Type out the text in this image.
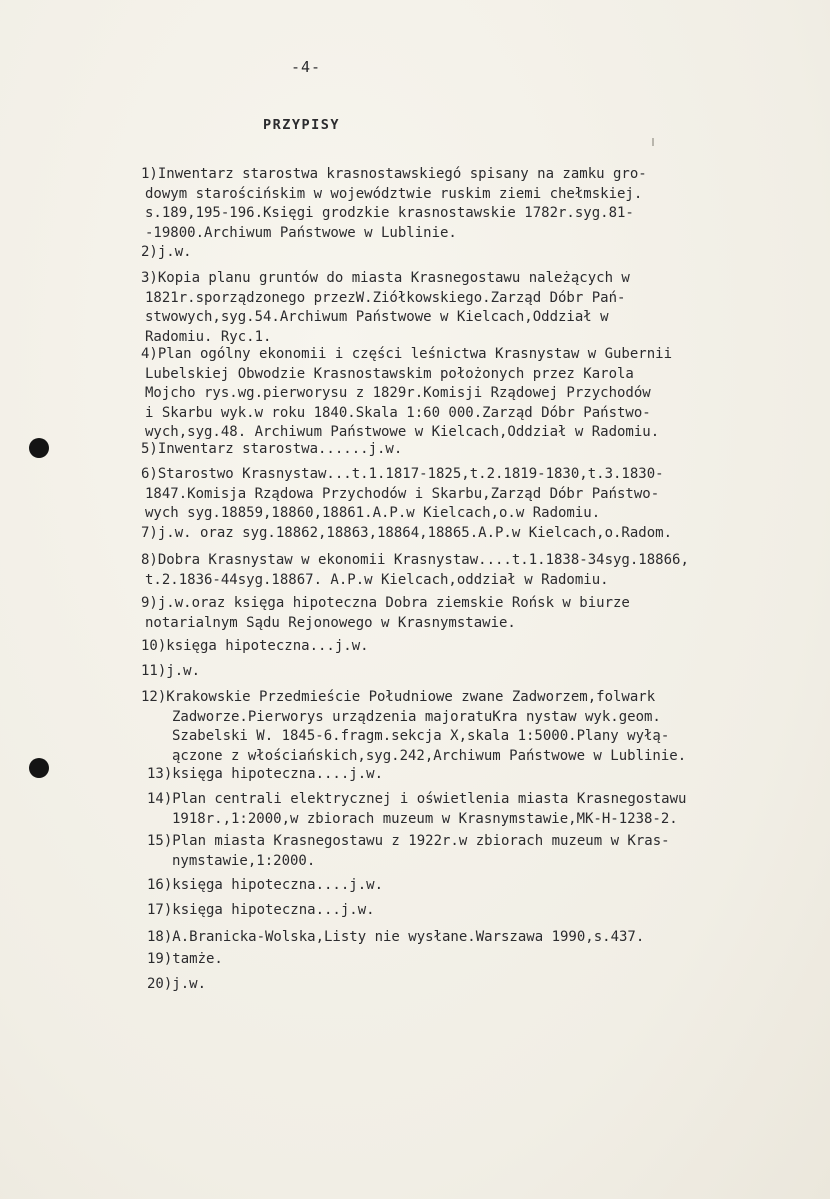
-4-
PRZYPISY
1)Inwentarz starostwa krasnostawskiegó spisany na zamku gro-
dowym starościńskim w województwie ruskim ziemi chełmskiej.
s.189,195-196.Księgi grodzkie krasnostawskie 1782r.syg.81-
-19800.Archiwum Państwowe w Lublinie.
2)j.w.
3)Kopia planu gruntów do miasta Krasnegostawu należących w
1821r.sporządzonego przezW.Ziółkowskiego.Zarząd Dóbr Pań-
stwowych,syg.54.Archiwum Państwowe w Kielcach,Oddział w
Radomiu. Ryc.1.
4)Plan ogólny ekonomii i części leśnictwa Krasnystaw w Gubernii
Lubelskiej Obwodzie Krasnostawskim położonych przez Karola
Mojcho rys.wg.pierworysu z 1829r.Komisji Rządowej Przychodów
i Skarbu wyk.w roku 1840.Skala 1:60 000.Zarząd Dóbr Państwo-
wych,syg.48. Archiwum Państwowe w Kielcach,Oddział w Radomiu.
5)Inwentarz starostwa......j.w.
6)Starostwo Krasnystaw...t.1.1817-1825,t.2.1819-1830,t.3.1830-
1847.Komisja Rządowa Przychodów i Skarbu,Zarząd Dóbr Państwo-
wych syg.18859,18860,18861.A.P.w Kielcach,o.w Radomiu.
7)j.w. oraz syg.18862,18863,18864,18865.A.P.w Kielcach,o.Radom.
8)Dobra Krasnystaw w ekonomii Krasnystaw....t.1.1838-34syg.18866,
t.2.1836-44syg.18867. A.P.w Kielcach,oddział w Radomiu.
9)j.w.oraz księga hipoteczna Dobra ziemskie Rońsk w biurze
notarialnym Sądu Rejonowego w Krasnymstawie.
10)księga hipoteczna...j.w.
11)j.w.
12)Krakowskie Przedmieście Południowe zwane Zadworzem,folwark
Zadworze.Pierworys urządzenia majoratuKra nystaw wyk.geom.
Szabelski W. 1845-6.fragm.sekcja X,skala 1:5000.Plany wyłą-
ączone z włościańskich,syg.242,Archiwum Państwowe w Lublinie.
13)księga hipoteczna....j.w.
14)Plan centrali elektrycznej i oświetlenia miasta Krasnegostawu
1918r.,1:2000,w zbiorach muzeum w Krasnymstawie,MK-H-1238-2.
15)Plan miasta Krasnegostawu z 1922r.w zbiorach muzeum w Kras-
nymstawie,1:2000.
16)księga hipoteczna....j.w.
17)księga hipoteczna...j.w.
18)A.Branicka-Wolska,Listy nie wysłane.Warszawa 1990,s.437.
19)tamże.
20)j.w.
